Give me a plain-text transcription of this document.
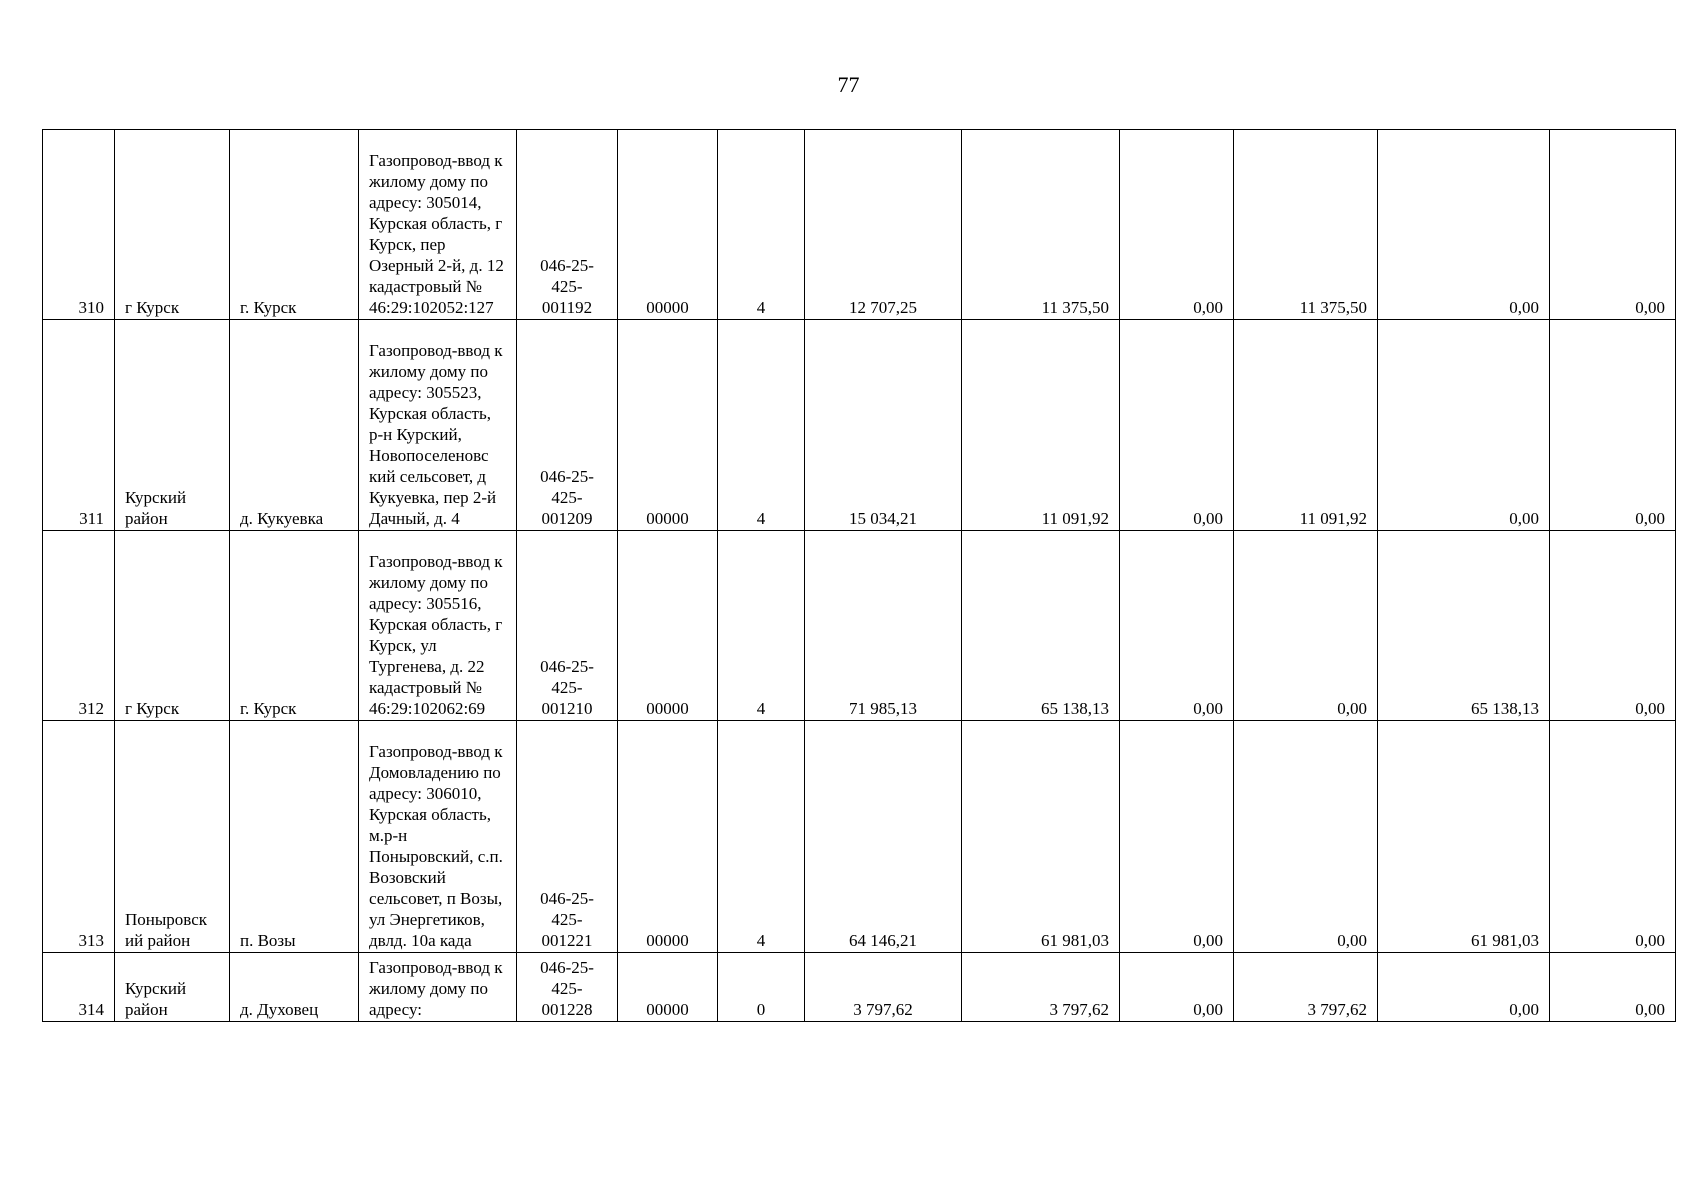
77
310	г Курск	г. Курск	Газопровод-ввод к жилому дому по адресу: 305014, Курская область, г Курск, пер Озерный 2-й, д. 12 кадастровый № 46:29:102052:127	046-25-
425-
001192	00000	4	12 707,25	11 375,50	0,00	11 375,50	0,00	0,00
311	Курский район	д. Кукуевка	Газопровод-ввод к жилому дому по адресу: 305523, Курская область, р-н Курский, Новопоселеновс кий сельсовет, д Кукуевка, пер 2-й Дачный, д. 4	046-25-
425-
001209	00000	4	15 034,21	11 091,92	0,00	11 091,92	0,00	0,00
312	г Курск	г. Курск	Газопровод-ввод к жилому дому по адресу: 305516, Курская область, г Курск, ул Тургенева, д. 22 кадастровый № 46:29:102062:69	046-25-
425-
001210	00000	4	71 985,13	65 138,13	0,00	0,00	65 138,13	0,00
313	Поныровск ий район	п. Возы	Газопровод-ввод к Домовладению по адресу: 306010, Курская область, м.р-н Поныровский, с.п. Возовский сельсовет, п Возы, ул Энергетиков, двлд. 10а када	046-25-
425-
001221	00000	4	64 146,21	61 981,03	0,00	0,00	61 981,03	0,00
314	Курский район	д. Духовец	Газопровод-ввод к жилому дому по адресу:	046-25-
425-
001228	00000	0	3 797,62	3 797,62	0,00	3 797,62	0,00	0,00
